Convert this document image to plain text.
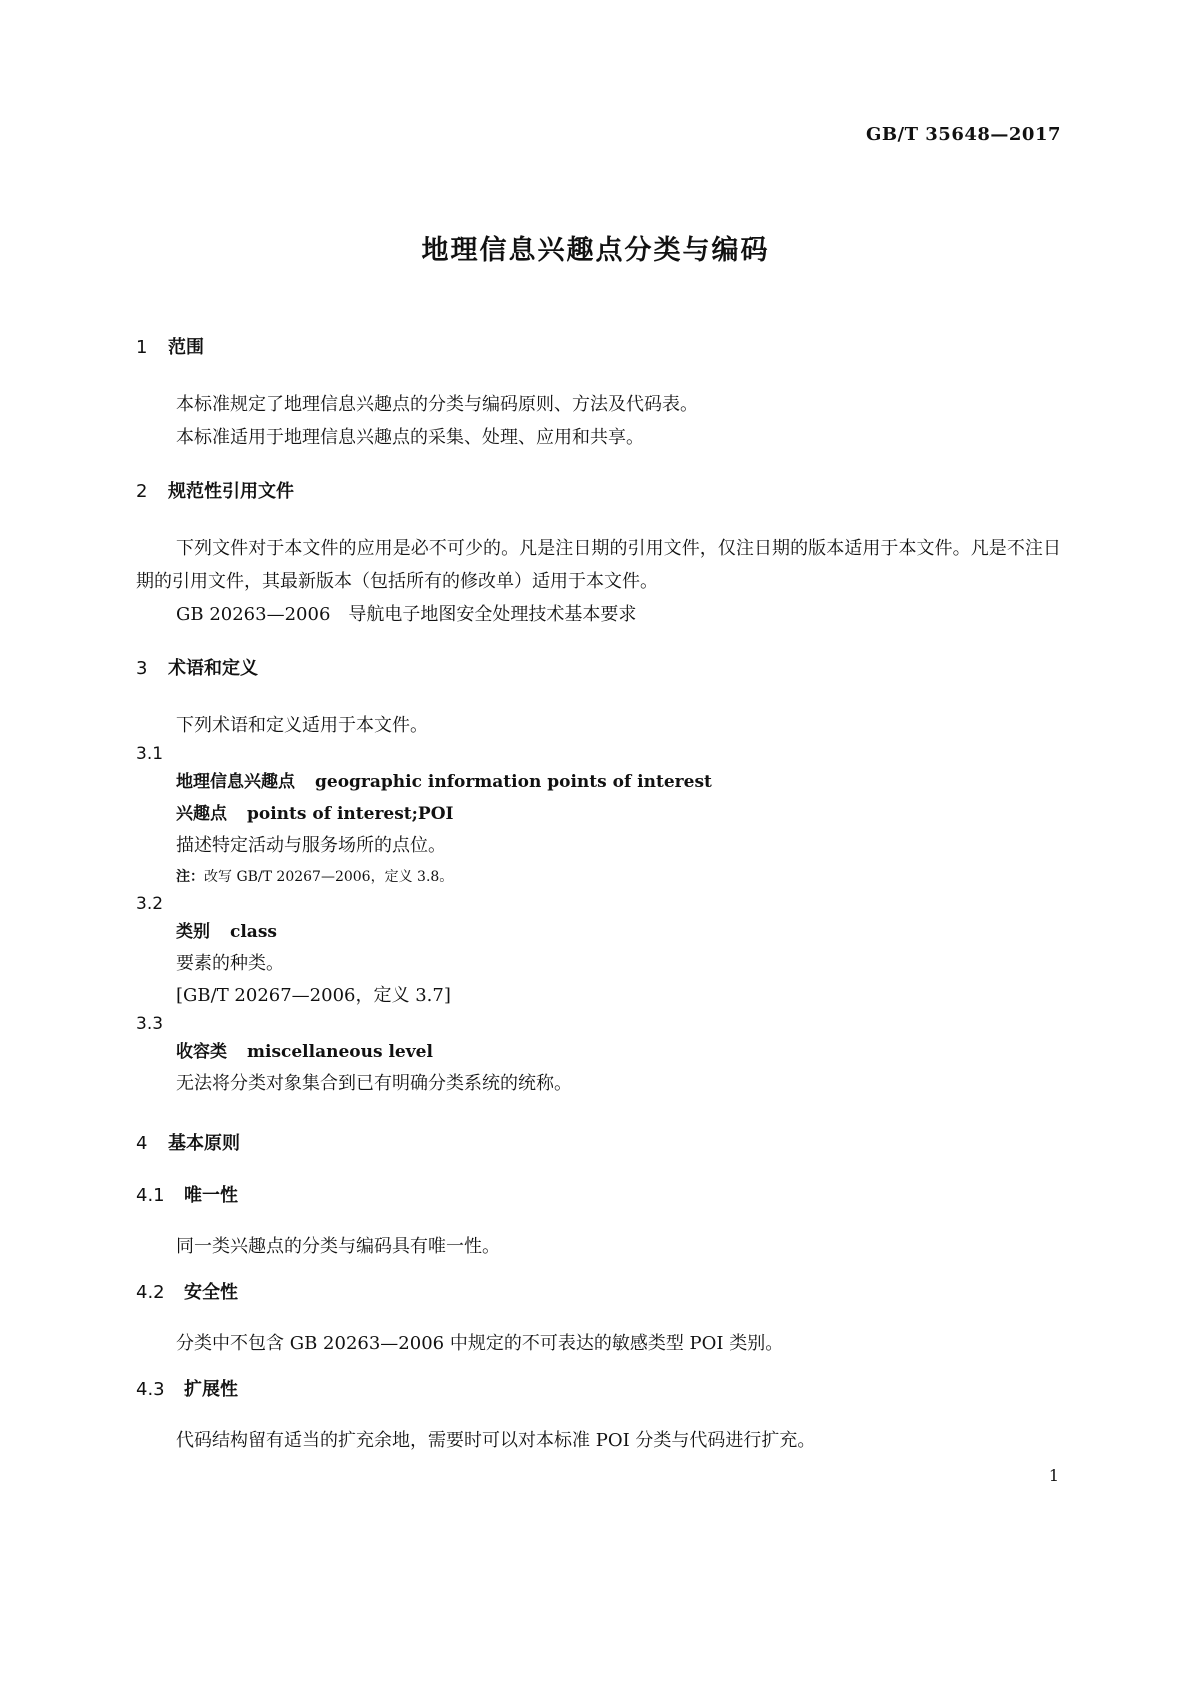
GB/T 35648—2017
地理信息兴趣点分类与编码
1 范围

本标准规定了地理信息兴趣点的分类与编码原则、方法及代码表。

本标准适用于地理信息兴趣点的采集、处理、应用和共享。

2 规范性引用文件

下列文件对于本文件的应用是必不可少的。凡是注日期的引用文件，仅注日期的版本适用于本文件。凡是不注日期的引用文件，其最新版本（包括所有的修改单）适用于本文件。

GB 20263—2006　导航电子地图安全处理技术基本要求

3 术语和定义

下列术语和定义适用于本文件。

3.1

地理信息兴趣点 geographic information points of interest

兴趣点 points of interest;POI

描述特定活动与服务场所的点位。

注：改写 GB/T 20267—2006，定义 3.8。

3.2

类别 class

要素的种类。

[GB/T 20267—2006，定义 3.7]

3.3

收容类 miscellaneous level

无法将分类对象集合到已有明确分类系统的统称。

4 基本原则
4.1 唯一性

同一类兴趣点的分类与编码具有唯一性。

4.2 安全性

分类中不包含 GB 20263—2006 中规定的不可表达的敏感类型 POI 类别。

4.3 扩展性

代码结构留有适当的扩充余地，需要时可以对本标准 POI 分类与代码进行扩充。

1
